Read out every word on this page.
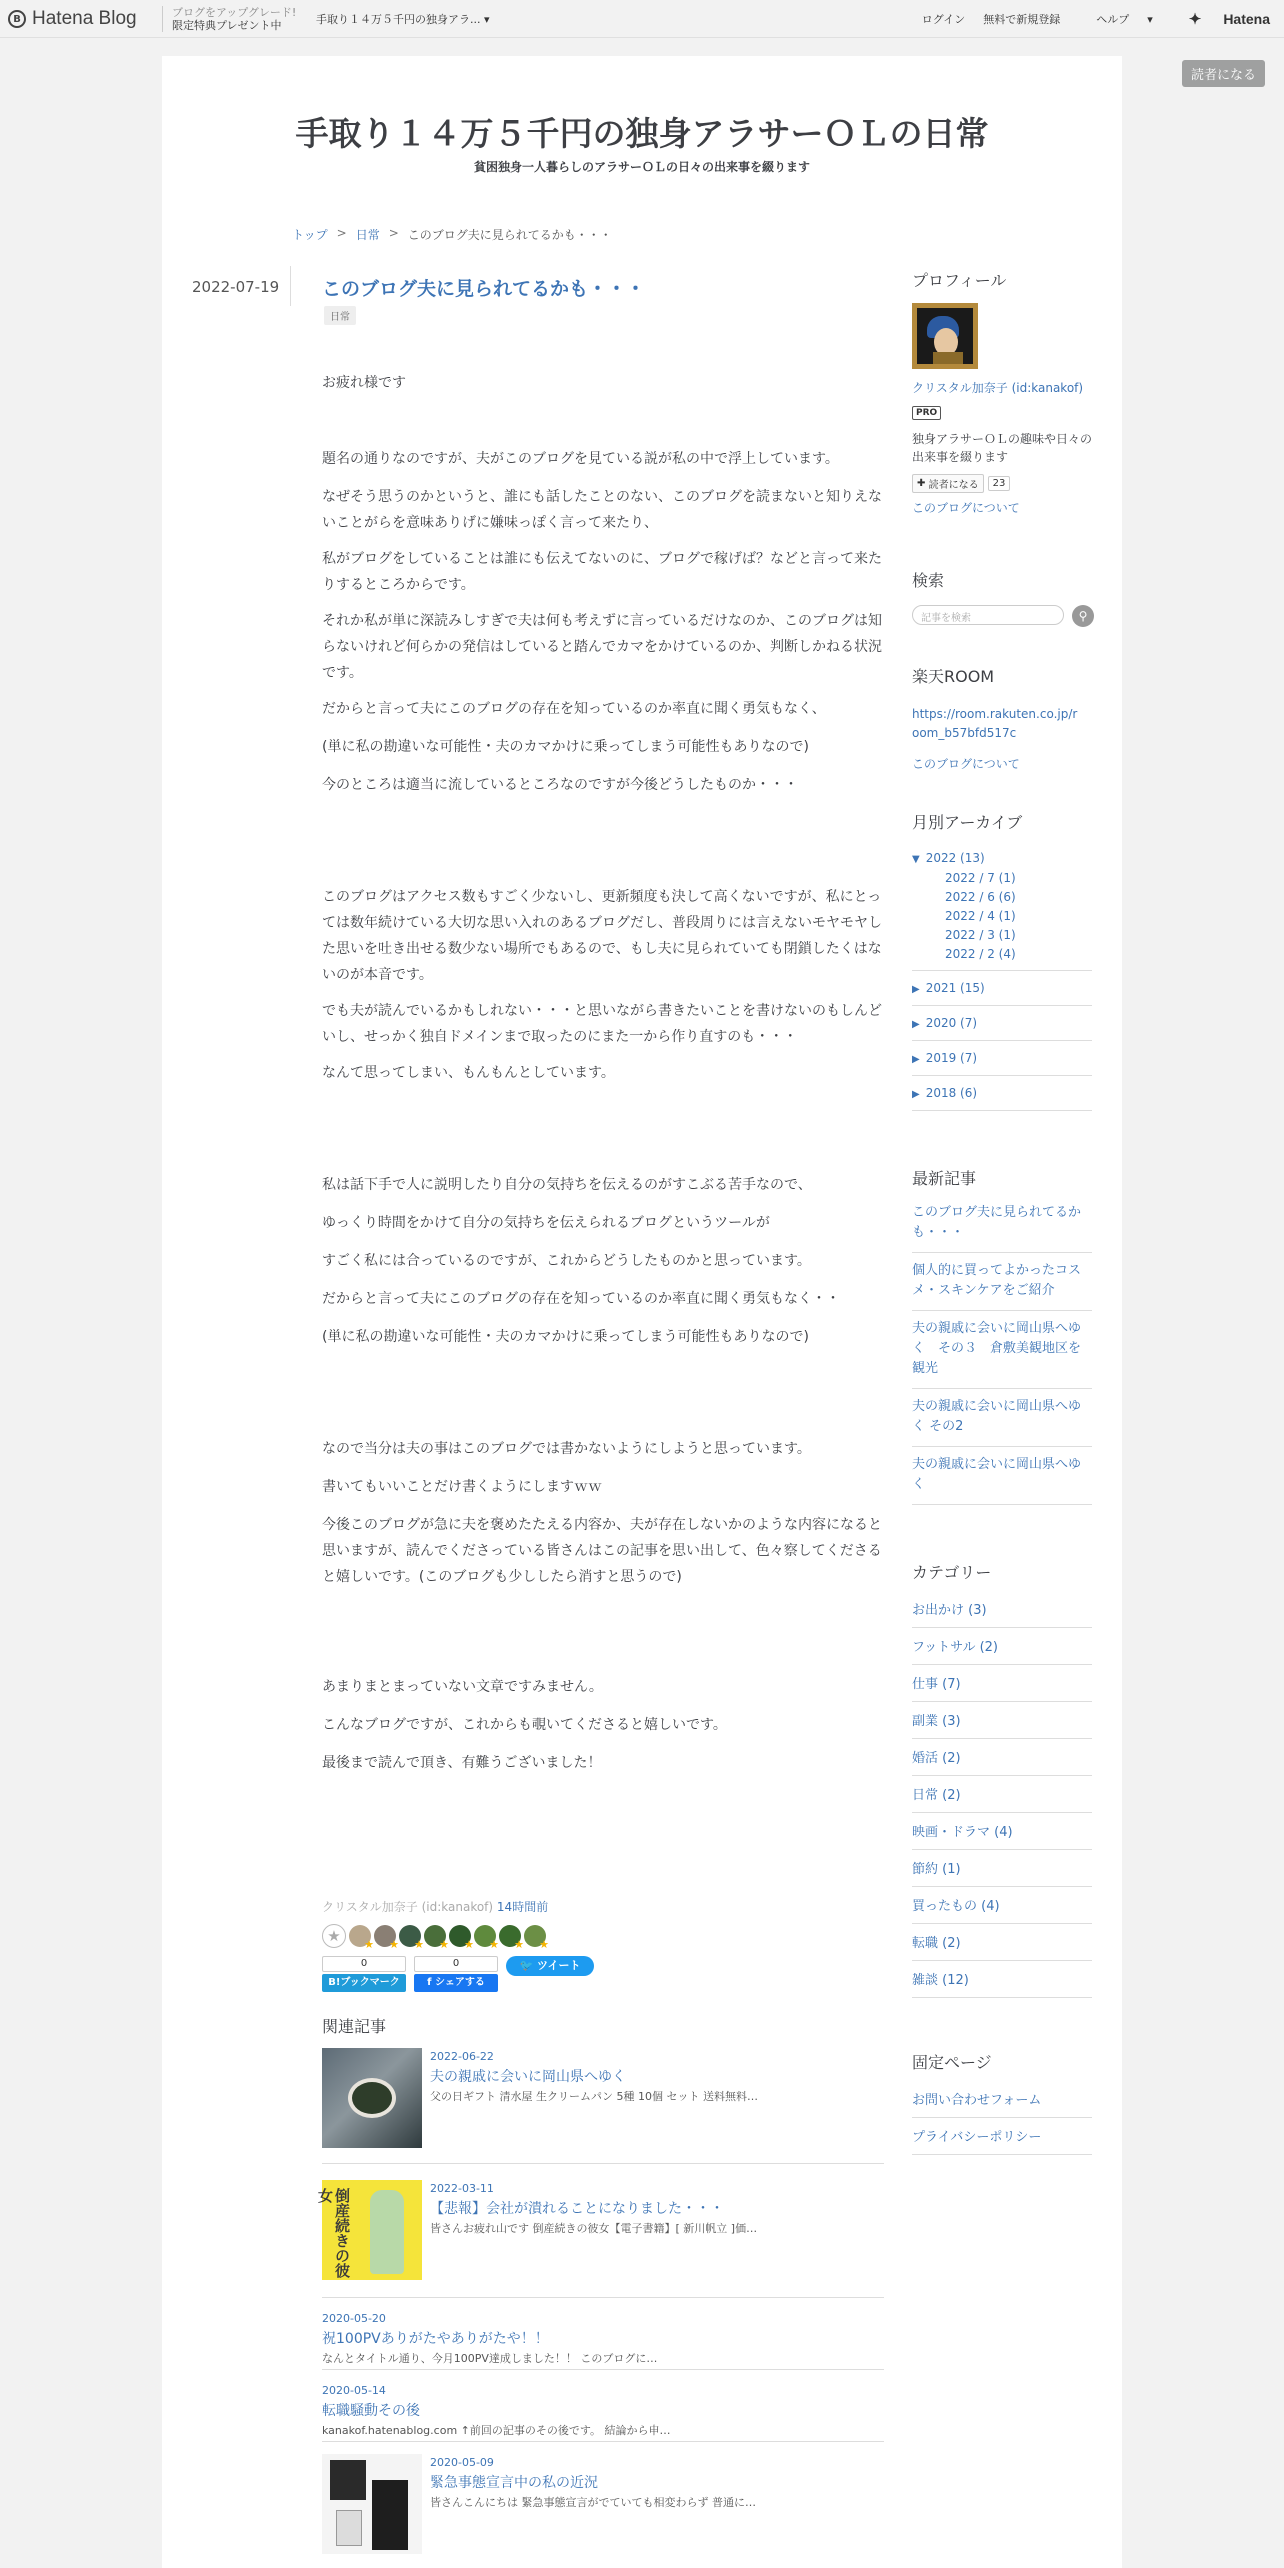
B Hatena Blog	ブログをアップグレード!
限定特典プレゼント中	手取り１４万５千円の独身アラ... ▾	ログイン 無料で新規登録	ヘルプ ▾ ✦ Hatena
読者になる
手取り１４万５千円の独身アラサーＯＬの日常
貧困独身一人暮らしのアラサーＯＬの日々の出来事を綴ります
トップ > 日常 > このブログ夫に見られてるかも・・・
2022-07-19 このブログ夫に見られてるかも・・・
日常
お疲れ様です
題名の通りなのですが、夫がこのブログを見ている説が私の中で浮上しています。
なぜそう思うのかというと、誰にも話したことのない、このブログを読まないと知りえないことがらを意味ありげに嫌味っぽく言って来たり、
私がブログをしていることは誰にも伝えてないのに、ブログで稼げば？などと言って来たりするところからです。
それか私が単に深読みしすぎで夫は何も考えずに言っているだけなのか、このブログは知らないけれど何らかの発信はしていると踏んでカマをかけているのか、判断しかねる状況です。
だからと言って夫にこのブログの存在を知っているのか率直に聞く勇気もなく、
(単に私の勘違いな可能性・夫のカマかけに乗ってしまう可能性もありなので)
今のところは適当に流しているところなのですが今後どうしたものか・・・
このブログはアクセス数もすごく少ないし、更新頻度も決して高くないですが、私にとっては数年続けている大切な思い入れのあるブログだし、普段周りには言えないモヤモヤした思いを吐き出せる数少ない場所でもあるので、もし夫に見られていても閉鎖したくはないのが本音です。
でも夫が読んでいるかもしれない・・・と思いながら書きたいことを書けないのもしんどいし、せっかく独自ドメインまで取ったのにまた一から作り直すのも・・・
なんて思ってしまい、もんもんとしています。
私は話下手で人に説明したり自分の気持ちを伝えるのがすこぶる苦手なので、
ゆっくり時間をかけて自分の気持ちを伝えられるブログというツールが
すごく私には合っているのですが、これからどうしたものかと思っています。
だからと言って夫にこのブログの存在を知っているのか率直に聞く勇気もなく・・
(単に私の勘違いな可能性・夫のカマかけに乗ってしまう可能性もありなので)
なので当分は夫の事はこのブログでは書かないようにしようと思っています。
書いてもいいことだけ書くようにしますｗｗ
今後このブログが急に夫を褒めたたえる内容か、夫が存在しないかのような内容になると思いますが、読んでくださっている皆さんはこの記事を思い出して、色々察してくださると嬉しいです。(このブログも少ししたら消すと思うので)
あまりまとまっていない文章ですみません。
こんなブログですが、これからも覗いてくださると嬉しいです。
最後まで読んで頂き、有難うございました！
クリスタル加奈子 (id:kanakof) 14時間前
★
★
★
★
★
★
★
★
★
0
B!ブックマーク
0
f シェアする
🐦 ツイート
関連記事
2022-06-22
夫の親戚に会いに岡山県へゆく
父の日ギフト 清水屋 生クリームパン 5種 10個 セット 送料無料…
倒産続きの彼女	2022-03-11
【悲報】会社が潰れることになりました・・・
皆さんお疲れ山です 倒産続きの彼女【電子書籍】[ 新川帆立 ]価…
2020-05-20
祝100PVありがたやありがたや！！
なんとタイトル通り、今月100PV達成しました！！ このブログに…
2020-05-14
転職騒動その後
kanakof.hatenablog.com ↑前回の記事のその後です。 結論から申…
2020-05-09
緊急事態宣言中の私の近況
皆さんこんにちは 緊急事態宣言がでていても相変わらず 普通に…
プロフィール
クリスタル加奈子 (id:kanakof)
PRO
独身アラサーＯＬの趣味や日々の出来事を綴ります
✚
読者になる	23
このブログについて
検索
記事を検索	⚲
楽天ROOM
https://room.rakuten.co.jp/room_b57bfd517c
このブログについて
月別アーカイブ
▼ 2022 (13)
2022 / 7 (1)
2022 / 6 (6)
2022 / 4 (1)
2022 / 3 (1)
2022 / 2 (4)
▶ 2021 (15)
▶ 2020 (7)
▶ 2019 (7)
▶ 2018 (6)
最新記事
このブログ夫に見られてるかも・・・
個人的に買ってよかったコスメ・スキンケアをご紹介
夫の親戚に会いに岡山県へゆく　その３　倉敷美観地区を観光
夫の親戚に会いに岡山県へゆく その2
夫の親戚に会いに岡山県へゆく
カテゴリー
お出かけ (3)
フットサル (2)
仕事 (7)
副業 (3)
婚活 (2)
日常 (2)
映画・ドラマ (4)
節約 (1)
買ったもの (4)
転職 (2)
雑談 (12)
固定ページ
お問い合わせフォーム
プライバシーポリシー
